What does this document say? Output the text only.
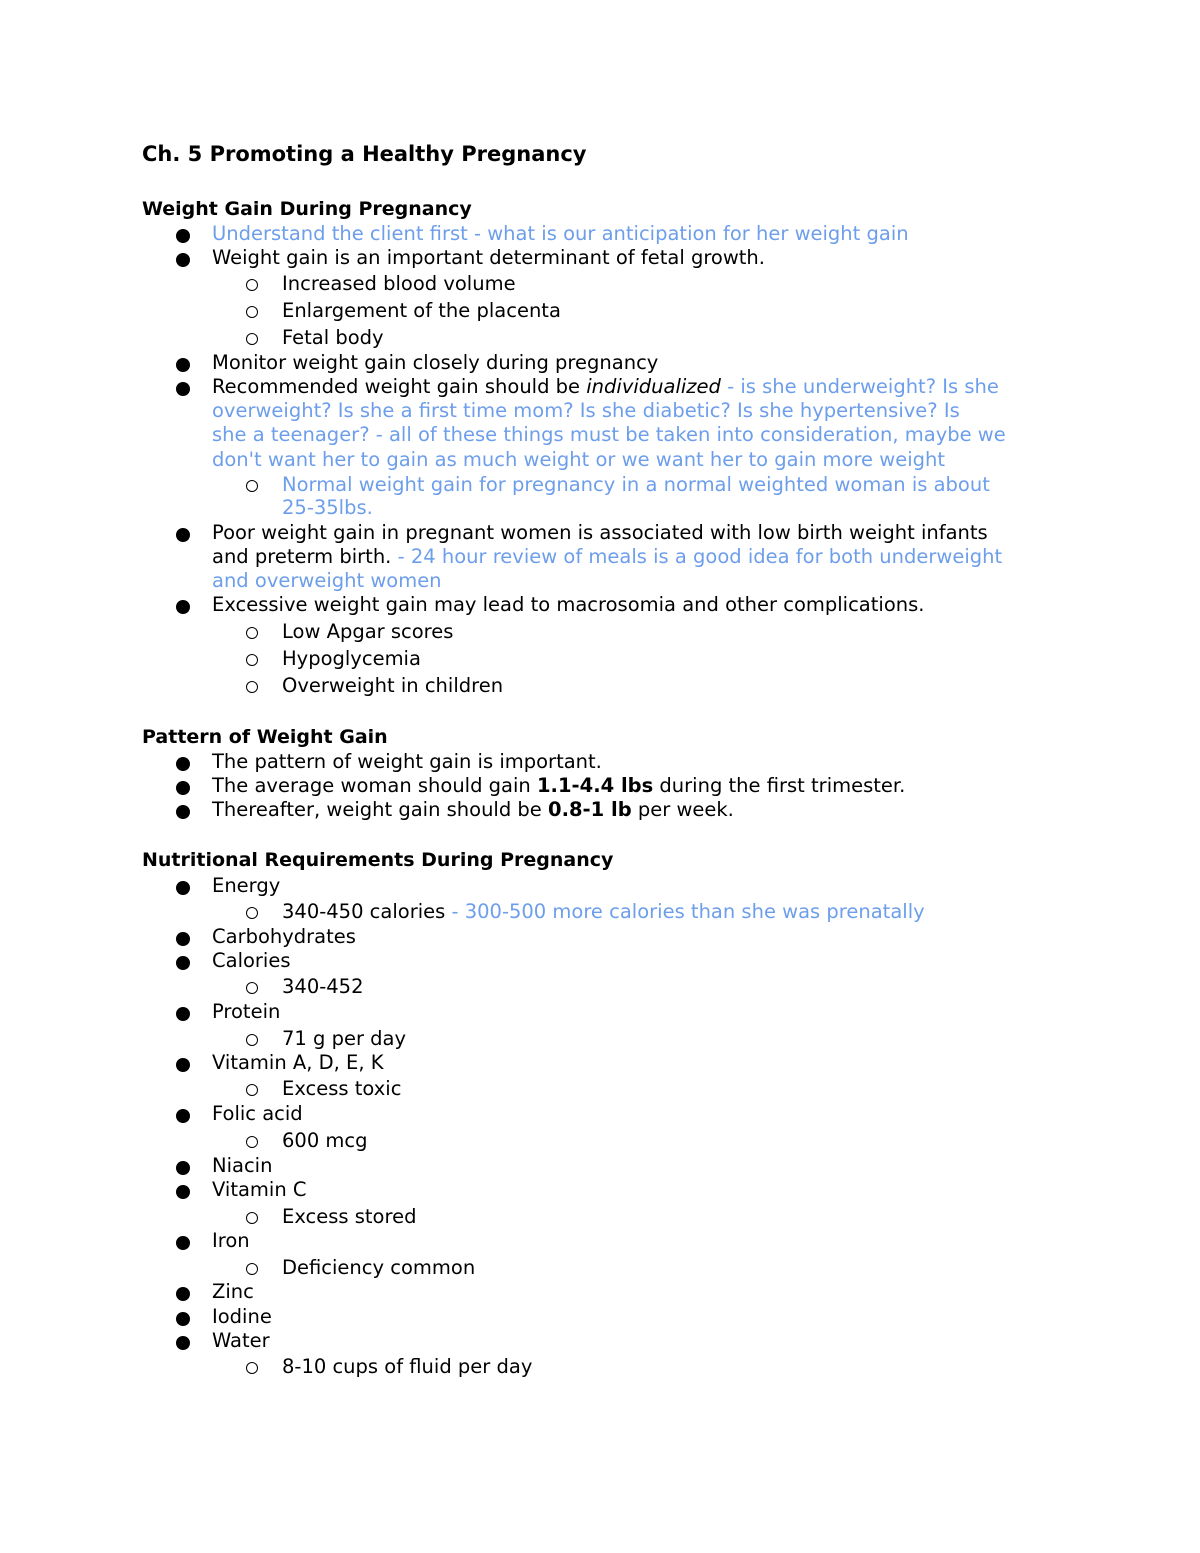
Ch. 5 Promoting a Healthy Pregnancy
Weight Gain During Pregnancy
Understand the client first - what is our anticipation for her weight gain
Weight gain is an important determinant of fetal growth.
Increased blood volume
Enlargement of the placenta
Fetal body
Monitor weight gain closely during pregnancy
Recommended weight gain should be individualized - is she underweight? Is she
overweight? Is she a first time mom? Is she diabetic? Is she hypertensive? Is
she a teenager? - all of these things must be taken into consideration, maybe we
don't want her to gain as much weight or we want her to gain more weight
Normal weight gain for pregnancy in a normal weighted woman is about
25-35lbs.
Poor weight gain in pregnant women is associated with low birth weight infants
and preterm birth. - 24 hour review of meals is a good idea for both underweight
and overweight women
Excessive weight gain may lead to macrosomia and other complications.
Low Apgar scores
Hypoglycemia
Overweight in children
Pattern of Weight Gain
The pattern of weight gain is important.
The average woman should gain 1.1-4.4 lbs during the first trimester.
Thereafter, weight gain should be 0.8-1 lb per week.
Nutritional Requirements During Pregnancy
Energy
340-450 calories - 300-500 more calories than she was prenatally
Carbohydrates
Calories
340-452
Protein
71 g per day
Vitamin A, D, E, K
Excess toxic
Folic acid
600 mcg
Niacin
Vitamin C
Excess stored
Iron
Deficiency common
Zinc
Iodine
Water
8-10 cups of fluid per day
